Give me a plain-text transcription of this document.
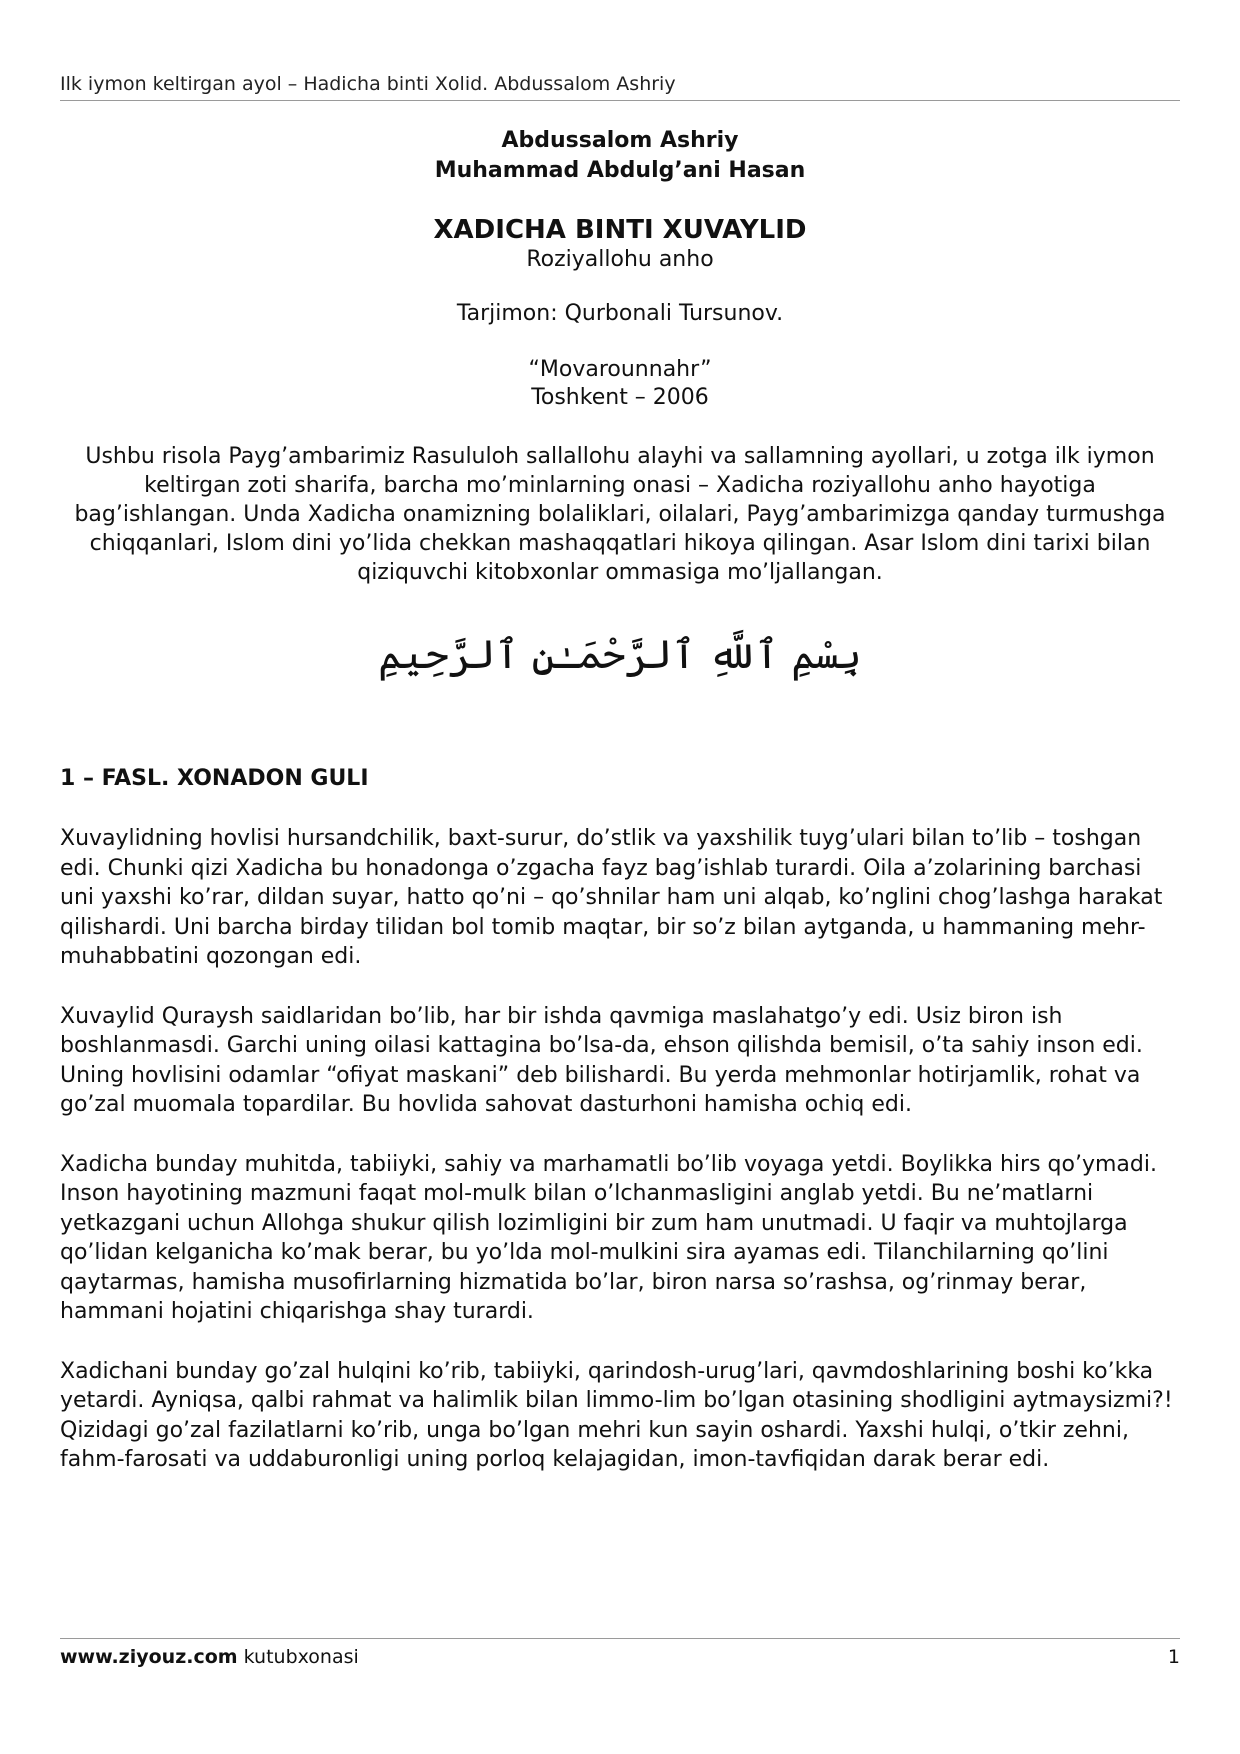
Ilk iymon keltirgan ayol – Hadicha binti Xolid. Abdussalom Ashriy
Abdussalom Ashriy
Muhammad Abdulg’ani Hasan
XADICHA BINTI XUVAYLID
Roziyallohu anho
Tarjimon: Qurbonali Tursunov.
“Movarounnahr”
Toshkent – 2006
Ushbu risola Payg’ambarimiz Rasululoh sallallohu alayhi va sallamning ayollari, u zotga ilk iymon keltirgan zoti sharifa, barcha mo’minlarning onasi – Xadicha roziyallohu anho hayotiga bag’ishlangan. Unda Xadicha onamizning bolaliklari, oilalari, Payg’ambarimizga qanday turmushga chiqqanlari, Islom dini yo’lida chekkan mashaqqatlari hikoya qilingan. Asar Islom dini tarixi bilan qiziquvchi kitobxonlar ommasiga mo’ljallangan.
بِسْمِ ٱللَّهِ ٱلرَّحْمَـٰنِ ٱلرَّحِيمِ
1 – FASL. XONADON GULI

Xuvaylidning hovlisi hursandchilik, baxt-surur, do’stlik va yaxshilik tuyg’ulari bilan to’lib – toshgan edi. Chunki qizi Xadicha bu honadonga o’zgacha fayz bag’ishlab turardi. Oila a’zolarining barchasi uni yaxshi ko’rar, dildan suyar, hatto qo’ni – qo’shnilar ham uni alqab, ko’nglini chog’lashga harakat qilishardi. Uni barcha birday tilidan bol tomib maqtar, bir so’z bilan aytganda, u hammaning mehr-muhabbatini qozongan edi.

Xuvaylid Quraysh saidlaridan bo’lib, har bir ishda qavmiga maslahatgo’y edi. Usiz biron ish boshlanmasdi. Garchi uning oilasi kattagina bo’lsa-da, ehson qilishda bemisil, o’ta sahiy inson edi. Uning hovlisini odamlar “ofiyat maskani” deb bilishardi. Bu yerda mehmonlar hotirjamlik, rohat va go’zal muomala topardilar. Bu hovlida sahovat dasturhoni hamisha ochiq edi.

Xadicha bunday muhitda, tabiiyki, sahiy va marhamatli bo’lib voyaga yetdi. Boylikka hirs qo’ymadi. Inson hayotining mazmuni faqat mol-mulk bilan o’lchanmasligini anglab yetdi. Bu ne’matlarni yetkazgani uchun Allohga shukur qilish lozimligini bir zum ham unutmadi. U faqir va muhtojlarga qo’lidan kelganicha ko’mak berar, bu yo’lda mol-mulkini sira ayamas edi. Tilanchilarning qo’lini qaytarmas, hamisha musofirlarning hizmatida bo’lar, biron narsa so’rashsa, og’rinmay berar, hammani hojatini chiqarishga shay turardi.

Xadichani bunday go’zal hulqini ko’rib, tabiiyki, qarindosh-urug’lari, qavmdoshlarining boshi ko’kka yetardi. Ayniqsa, qalbi rahmat va halimlik bilan limmo-lim bo’lgan otasining shodligini aytmaysizmi?! Qizidagi go’zal fazilatlarni ko’rib, unga bo’lgan mehri kun sayin oshardi. Yaxshi hulqi, o’tkir zehni, fahm-farosati va uddaburonligi uning porloq kelajagidan, imon-tavfiqidan darak berar edi.

www.ziyouz.com kutubxonasi	1
